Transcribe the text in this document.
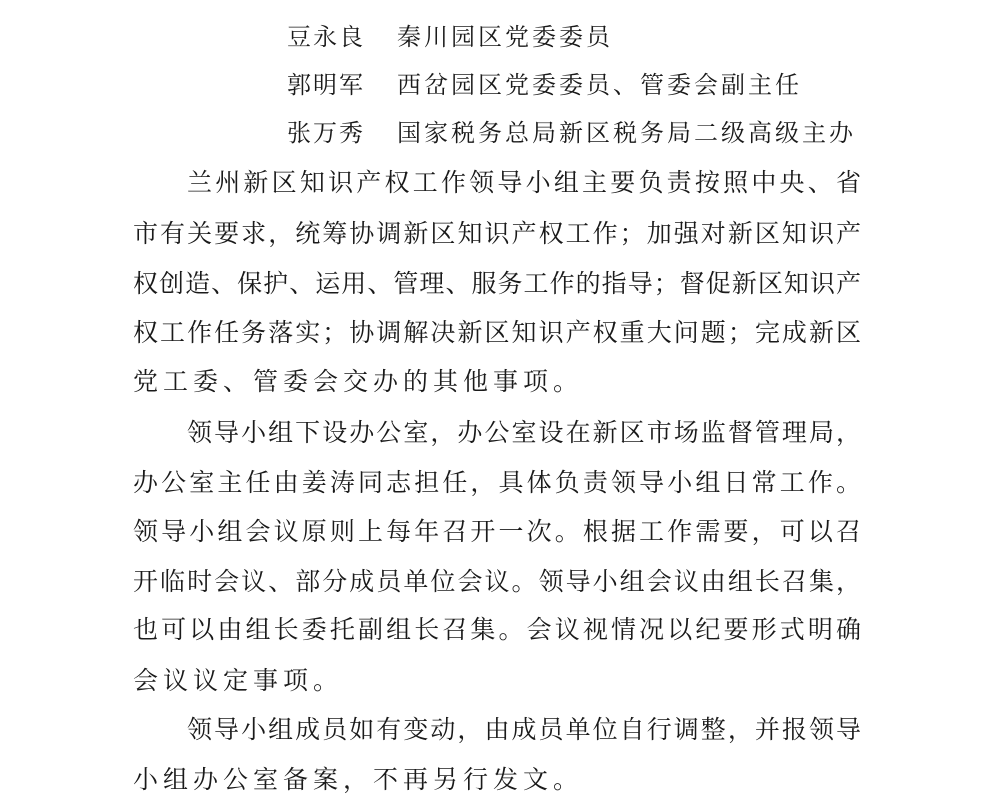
豆永良 秦川园区党委委员
郭明军 西岔园区党委委员、管委会副主任
张万秀 国家税务总局新区税务局二级高级主办
兰州新区知识产权工作领导小组主要负责按照中央、省
市有关要求，统筹协调新区知识产权工作；加强对新区知识产
权创造、保护、运用、管理、服务工作的指导；督促新区知识产
权工作任务落实；协调解决新区知识产权重大问题；完成新区
党工委、管委会交办的其他事项。
领导小组下设办公室，办公室设在新区市场监督管理局，
办公室主任由姜涛同志担任，具体负责领导小组日常工作。
领导小组会议原则上每年召开一次。根据工作需要，可以召
开临时会议、部分成员单位会议。领导小组会议由组长召集，
也可以由组长委托副组长召集。会议视情况以纪要形式明确
会议议定事项。
领导小组成员如有变动，由成员单位自行调整，并报领导
小组办公室备案，不再另行发文。
